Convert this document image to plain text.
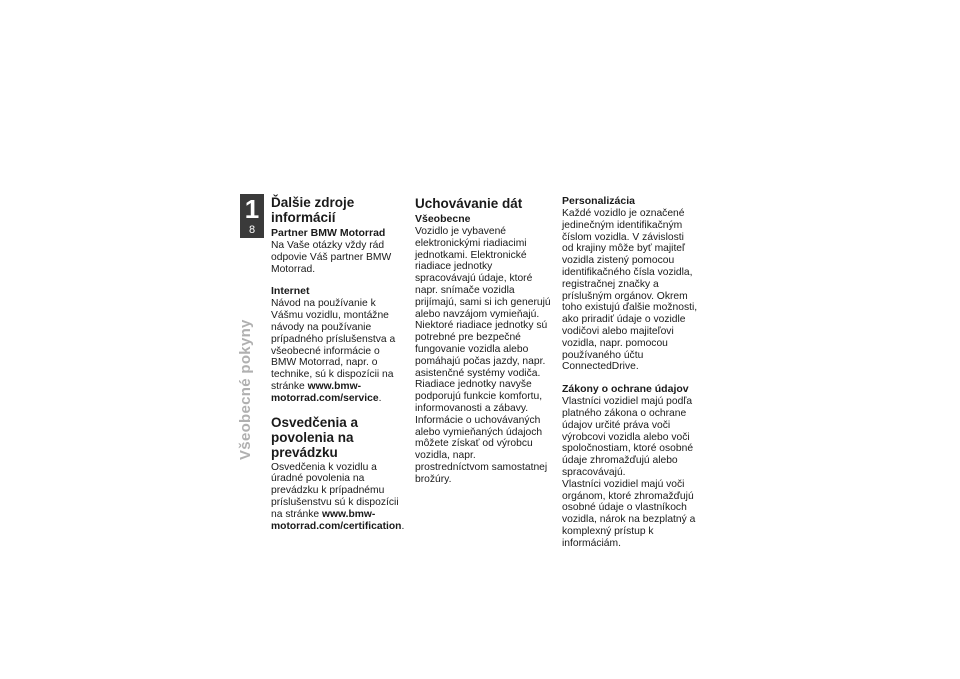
1
8
Všeobecné pokyny
Ďalšie zdroje informácií
Partner BMW Motorrad

Na Vaše otázky vždy rád odpovie Váš partner BMW Motorrad.

Internet

Návod na používanie k Vášmu vozidlu, montážne návody na používanie prípadného príslušenstva a všeobecné informácie o BMW Motorrad, napr. o technike, sú k dispozícii na stránke www.bmw-motorrad.com/service.

Osvedčenia a povolenia na prevádzku

Osvedčenia k vozidlu a úradné povolenia na prevádzku k prípadnému príslušenstvu sú k dispozícii na stránke www.bmw-motorrad.com/certification.

Uchovávanie dát
Všeobecne

Vozidlo je vybavené elektronickými riadiacimi jednotkami. Elektronické riadiace jednotky spracovávajú údaje, ktoré napr. snímače vozidla prijímajú, sami si ich generujú alebo navzájom vymieňajú. Niektoré riadiace jednotky sú potrebné pre bezpečné fungovanie vozidla alebo pomáhajú počas jazdy, napr. asistenčné systémy vodiča. Riadiace jednotky navyše podporujú funkcie komfortu, informovanosti a zábavy.

Informácie o uchovávaných alebo vymieňaných údajoch môžete získať od výrobcu vozidla, napr. prostredníctvom samostatnej brožúry.

Personalizácia

Každé vozidlo je označené jedinečným identifikačným číslom vozidla. V závislosti od krajiny môže byť majiteľ vozidla zistený pomocou identifikačného čísla vozidla, registračnej značky a príslušným orgánov. Okrem toho existujú ďalšie možnosti, ako priradiť údaje o vozidle vodičovi alebo majiteľovi vozidla, napr. pomocou používaného účtu ConnectedDrive.

Zákony o ochrane údajov

Vlastníci vozidiel majú podľa platného zákona o ochrane údajov určité práva voči výrobcovi vozidla alebo voči spoločnostiam, ktoré osobné údaje zhromažďujú alebo spracovávajú.

Vlastníci vozidiel majú voči orgánom, ktoré zhromažďujú osobné údaje o vlastníkoch vozidla, nárok na bezplatný a komplexný prístup k informáciám.
